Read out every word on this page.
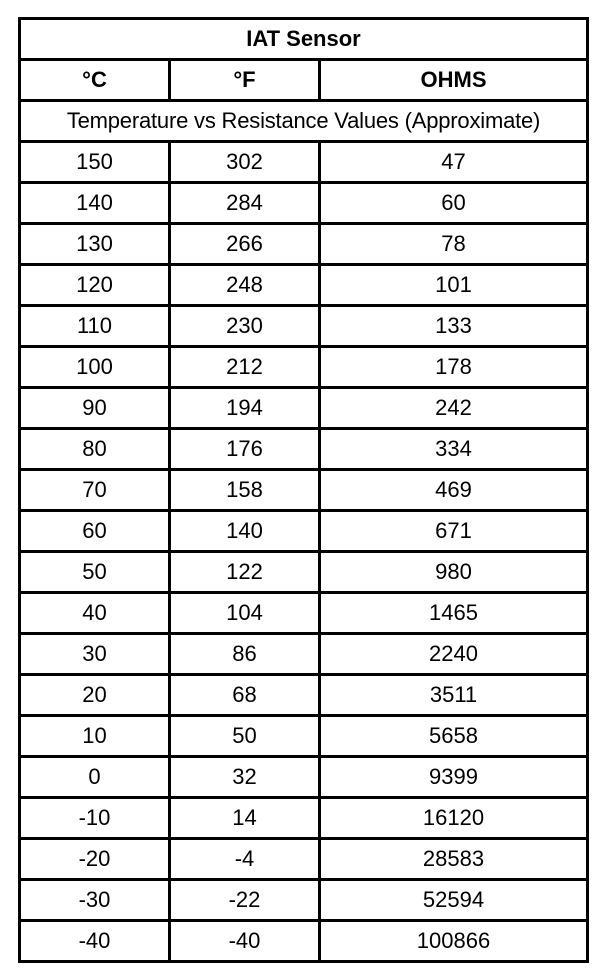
IAT Sensor		
°C	°F	OHMS
Temperature vs Resistance Values (Approximate)		
150	302	47
140	284	60
130	266	78
120	248	101
110	230	133
100	212	178
90	194	242
80	176	334
70	158	469
60	140	671
50	122	980
40	104	1465
30	86	2240
20	68	3511
10	50	5658
0	32	9399
-10	14	16120
-20	-4	28583
-30	-22	52594
-40	-40	100866
